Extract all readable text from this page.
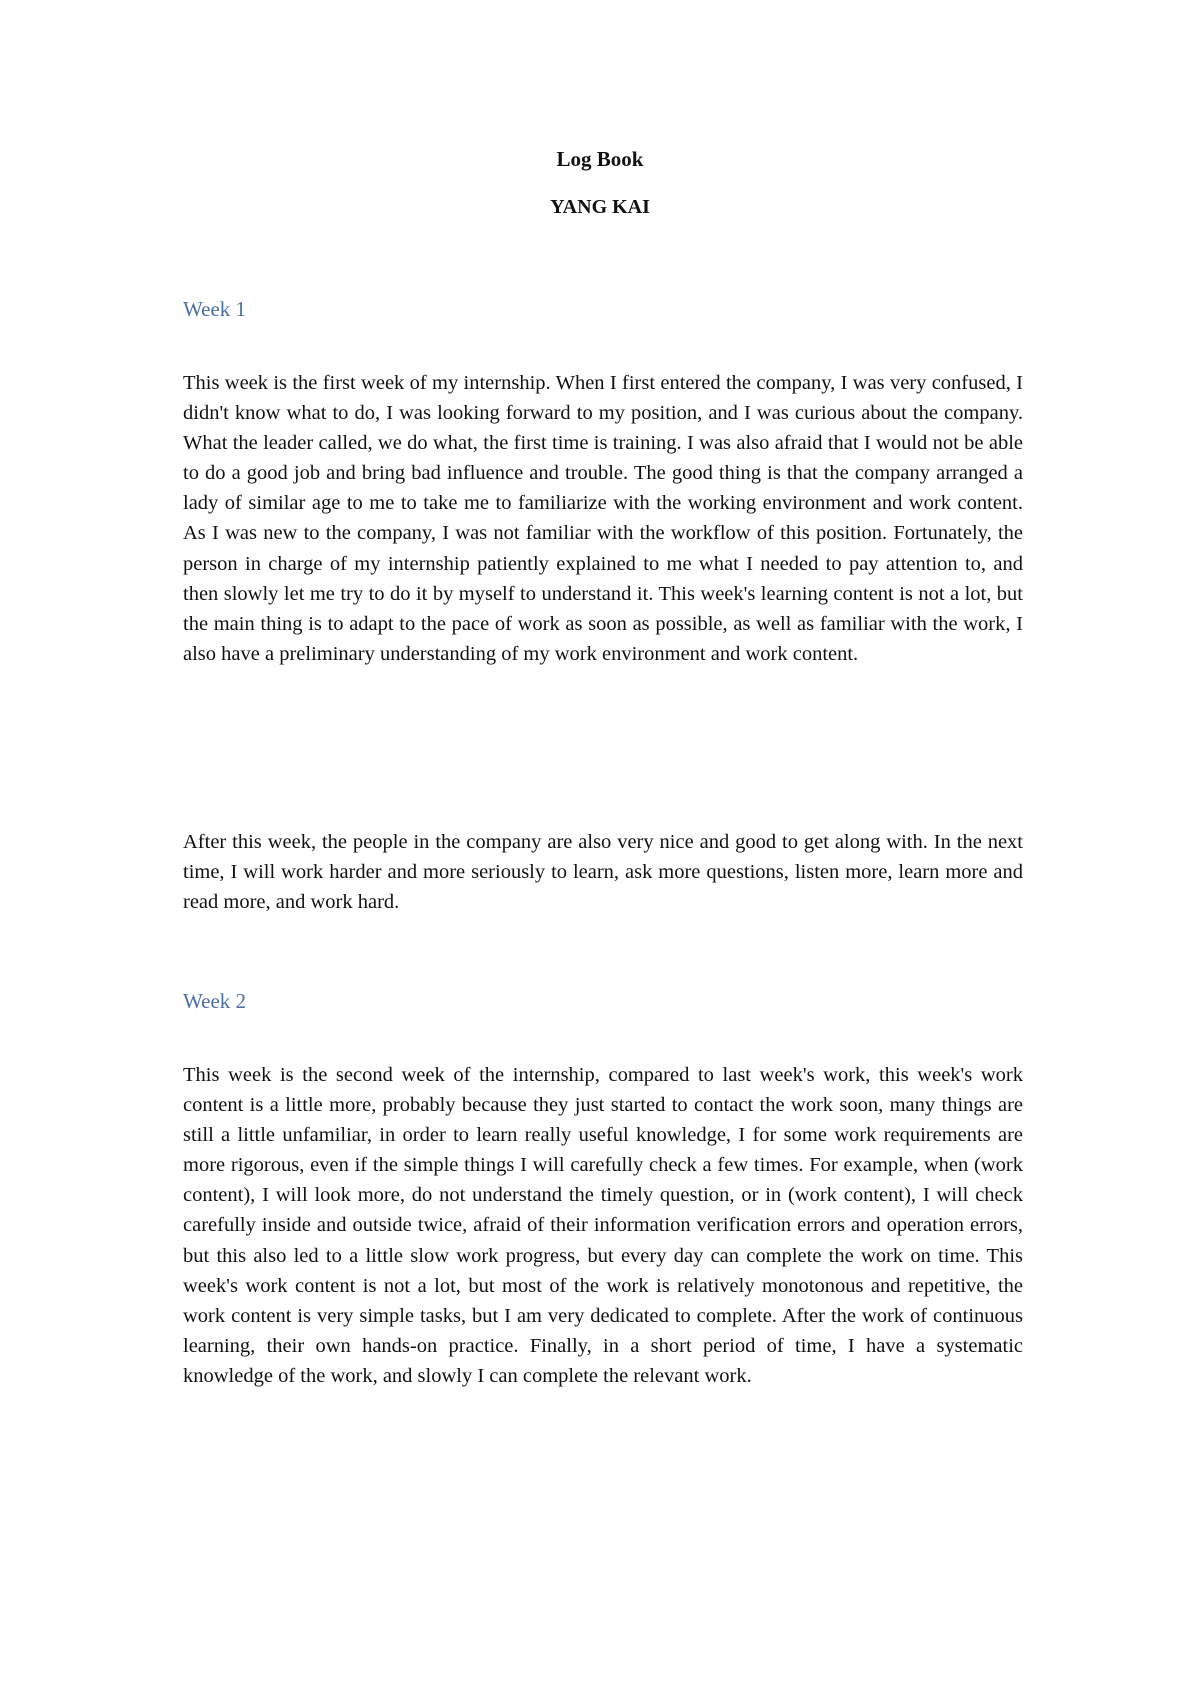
Log Book
YANG KAI
Week 1

This week is the first week of my internship. When I first entered the company, I was very confused, I didn't know what to do, I was looking forward to my position, and I was curious about the company. What the leader called, we do what, the first time is training. I was also afraid that I would not be able to do a good job and bring bad influence and trouble. The good thing is that the company arranged a lady of similar age to me to take me to familiarize with the working environment and work content. As I was new to the company, I was not familiar with the workflow of this position. Fortunately, the person in charge of my internship patiently explained to me what I needed to pay attention to, and then slowly let me try to do it by myself to understand it. This week's learning content is not a lot, but the main thing is to adapt to the pace of work as soon as possible, as well as familiar with the work, I also have a preliminary understanding of my work environment and work content.

After this week, the people in the company are also very nice and good to get along with. In the next time, I will work harder and more seriously to learn, ask more questions, listen more, learn more and read more, and work hard.

Week 2

This week is the second week of the internship, compared to last week's work, this week's work content is a little more, probably because they just started to contact the work soon, many things are still a little unfamiliar, in order to learn really useful knowledge, I for some work requirements are more rigorous, even if the simple things I will carefully check a few times. For example, when (work content), I will look more, do not understand the timely question, or in (work content), I will check carefully inside and outside twice, afraid of their information verification errors and operation errors, but this also led to a little slow work progress, but every day can complete the work on time. This week's work content is not a lot, but most of the work is relatively monotonous and repetitive, the work content is very simple tasks, but I am very dedicated to complete. After the work of continuous learning, their own hands-on practice. Finally, in a short period of time, I have a systematic knowledge of the work, and slowly I can complete the relevant work.
